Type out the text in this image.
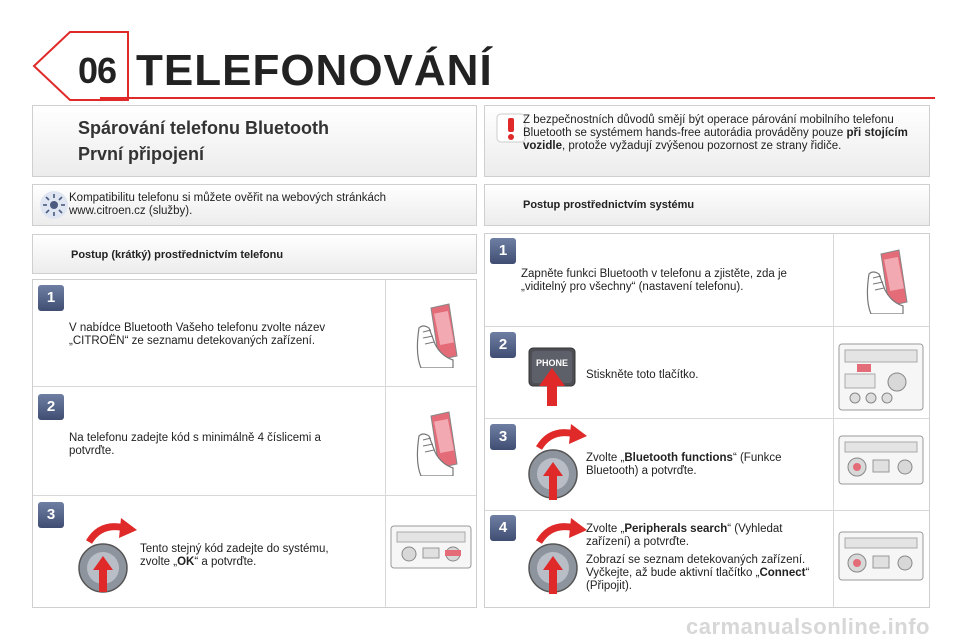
06 TELEFONOVÁNÍ
Spárování telefonu Bluetooth
První připojení
Z bezpečnostních důvodů smějí být operace párování mobilního telefonu Bluetooth se systémem hands-free autorádia prováděny pouze při stojícím vozidle, protože vyžadují zvýšenou pozornost ze strany řidiče.
Kompatibilitu telefonu si můžete ověřit na webových stránkách www.citroen.cz (služby).	Postup prostřednictvím systému
Postup (krátký) prostřednictvím telefonu
1
V nabídce Bluetooth Vašeho telefonu zvolte název „CITROËN“ ze seznamu detekovaných zařízení.
2
Na telefonu zadejte kód s minimálně 4 číslicemi a potvrďte.
3
Tento stejný kód zadejte do systému, zvolte „OK“ a potvrďte.
1
Zapněte funkci Bluetooth v telefonu a zjistěte, zda je „viditelný pro všechny“ (nastavení telefonu).
2
PHONE
Stiskněte toto tlačítko.
3
Zvolte „Bluetooth functions“ (Funkce Bluetooth) a potvrďte.
4	Zvolte „Peripherals search“ (Vyhledat zařízení) a potvrďte.
Zobrazí se seznam detekovaných zařízení. Vyčkejte, až bude aktivní tlačítko „Connect“ (Připojit).
carmanualsonline.info
